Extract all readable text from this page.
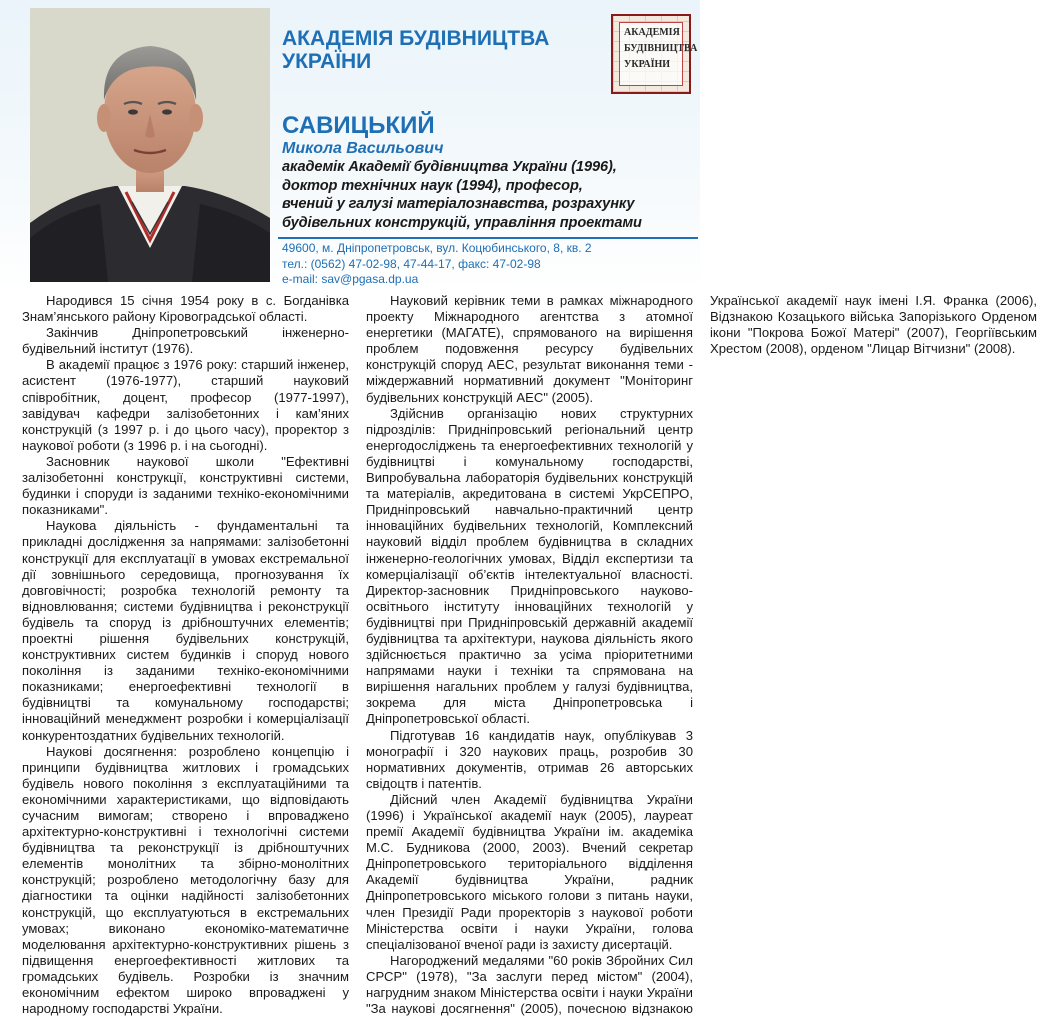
АКАДЕМІЯ БУДІВНИЦТВА УКРАЇНИ
АКАДЕМІЯ
БУДІВНИЦТВА
УКРАЇНИ
САВИЦЬКИЙ
Микола Васильович
академік Академії будівництва України (1996),
доктор технічних наук (1994), професор,
вчений у галузі матеріалознавства, розрахунку
будівельних конструкцій, управління проектами
49600, м. Дніпропетровськ, вул. Коцюбинського, 8, кв. 2
тел.: (0562) 47-02-98, 47-44-17, факс: 47-02-98
e-mail: sav@pgasa.dp.ua

Народився 15 січня 1954 року в с. Богданівка Знам’янського району Кіровоградської області.

Закінчив Дніпропетровський інженерно-будівельний інститут (1976).

В академії працює з 1976 року: старший інженер, асистент (1976-1977), старший науковий співробітник, доцент, професор (1977-1997), завідувач кафедри залізобетонних і кам’яних конструкцій (з 1997 р. і до цього часу), проректор з наукової роботи (з 1996 р. і на сьогодні).

Засновник наукової школи "Ефективні залізобетонні конструкції, конструктивні системи, будинки і споруди із заданими техніко-економічними показниками".

Наукова діяльність - фундаментальні та прикладні дослідження за напрямами: залізобетонні конструкції для експлуатації в умовах екстремальної дії зовнішнього середовища, прогнозування їх довговічності; розробка технологій ремонту та відновлювання; системи будівництва і реконструкції будівель та споруд із дрібноштучних елементів; проектні рішення будівельних конструкцій, конструктивних систем будинків і споруд нового покоління із заданими техніко-економічними показниками; енергоефективні технології в будівництві та комунальному господарстві; інноваційний менеджмент розробки і комерціалізації конкурентоздатних будівельних технологій.

Наукові досягнення: розроблено концепцію і принципи будівництва житлових і громадських будівель нового покоління з експлуатаційними та економічними характеристиками, що відповідають сучасним вимогам; створено і впроваджено архітектурно-конструктивні і технологічні системи будівництва та реконструкції із дрібноштучних елементів монолітних та збірно-монолітних конструкцій; розроблено методологічну базу для діагностики та оцінки надійності залізобетонних конструкцій, що експлуатуються в екстремальних умовах; виконано економіко-математичне моделювання архітектурно-конструктивних рішень з підвищення енергоефективності житлових та громадських будівель. Розробки із значним економічним ефектом широко впроваджені у народному господарстві України.

Науковий керівник теми в рамках міжнародного проекту Міжнародного агентства з атомної енергетики (МАГАТЕ), спрямованого на вирішення проблем подовження ресурсу будівельних конструкцій споруд АЕС, результат виконання теми - міждержавний нормативний документ "Моніторинг будівельних конструкцій АЕС" (2005).

Здійснив організацію нових структурних підрозділів: Придніпровський регіональний центр енергодосліджень та енергоефективних технологій у будівництві і комунальному господарстві, Випробувальна лабораторія будівельних конструкцій та матеріалів, акредитована в системі УкрСЕПРО, Придніпровський навчально-практичний центр інноваційних будівельних технологій, Комплексний науковий відділ проблем будівництва в складних інженерно-геологічних умовах, Відділ експертизи та комерціалізації об’єктів інтелектуальної власності. Директор-засновник Придніпровського науково-освітнього інституту інноваційних технологій у будівництві при Придніпровській державній академії будівництва та архітектури, наукова діяльність якого здійснюється практично за усіма пріоритетними напрямами науки і техніки та спрямована на вирішення нагальних проблем у галузі будівництва, зокрема для міста Дніпропетровська і Дніпропетровської області.

Підготував 16 кандидатів наук, опублікував 3 монографії і 320 наукових праць, розробив 30 нормативних документів, отримав 26 авторських свідоцтв і патентів.

Дійсний член Академії будівництва України (1996) і Української академії наук (2005), лауреат премії Академії будівництва України ім. академіка М.С. Будникова (2000, 2003). Вчений секретар Дніпропетровського територіального відділення Академії будівництва України, радник Дніпропетровського міського голови з питань науки, член Президії Ради проректорів з наукової роботи Міністерства освіти і науки України, голова спеціалізованої вченої ради із захисту дисертацій.

Нагороджений медалями "60 років Збройних Сил СРСР" (1978), "За заслуги перед містом" (2004), нагрудним знаком Міністерства освіти і науки України "За наукові досягнення" (2005), почесною відзнакою Української академії наук імені І.Я. Франка (2006), Відзнакою Козацького війська Запорізького Орденом ікони "Покрова Божої Матері" (2007), Георгіївським Хрестом (2008), орденом "Лицар Вітчизни" (2008).
